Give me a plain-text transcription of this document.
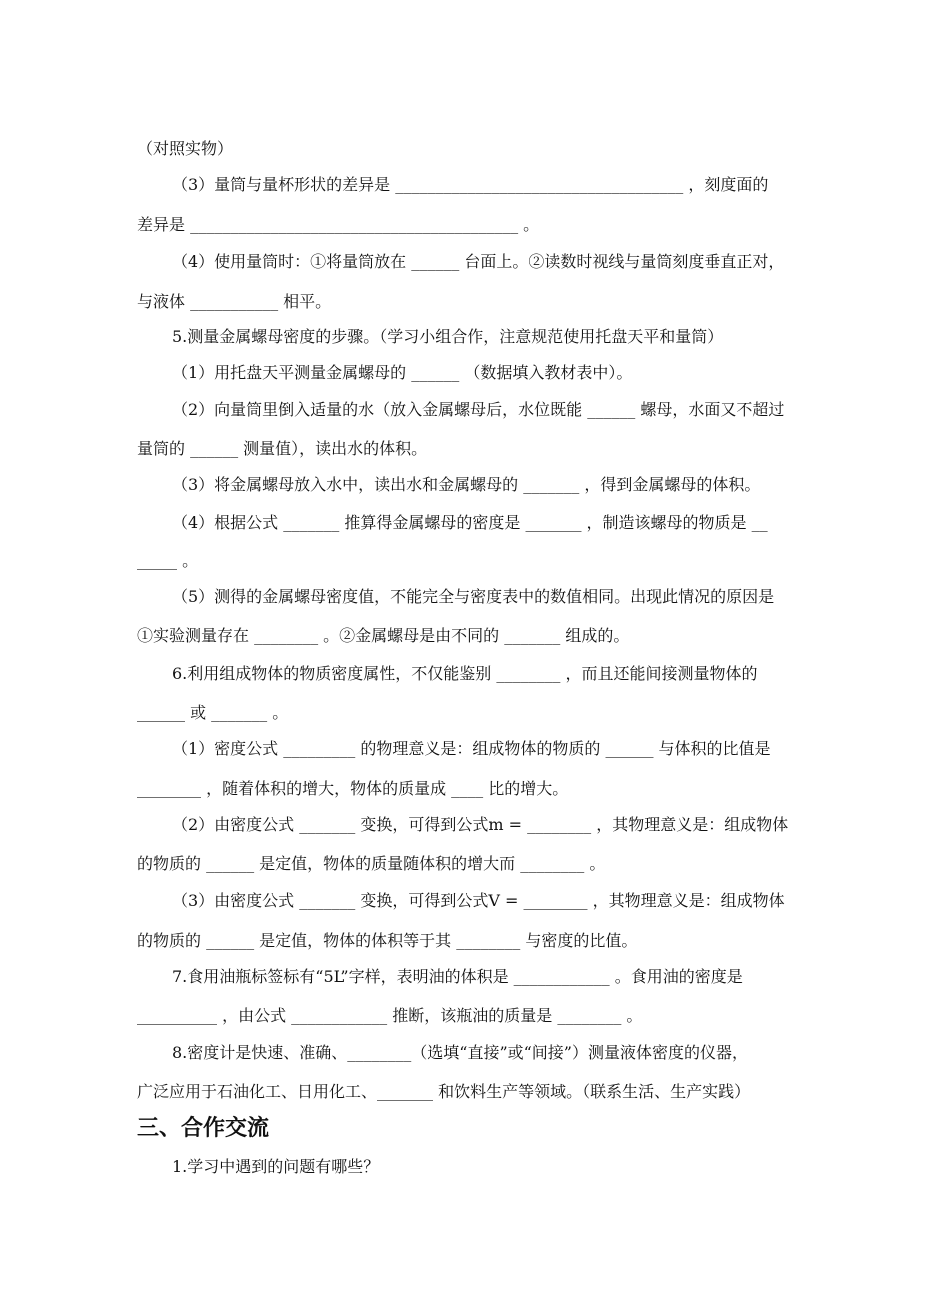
（对照实物）
（3）量筒与量杯形状的差异是 ____________________________________ ，刻度面的
差异是 _________________________________________ 。
（4）使用量筒时：①将量筒放在 ______ 台面上。②读数时视线与量筒刻度垂直正对，
与液体 ___________ 相平。
5.测量金属螺母密度的步骤。（学习小组合作，注意规范使用托盘天平和量筒）
（1）用托盘天平测量金属螺母的 ______ （数据填入教材表中）。
（2）向量筒里倒入适量的水（放入金属螺母后，水位既能 ______ 螺母，水面又不超过
量筒的 ______ 测量值），读出水的体积。
（3）将金属螺母放入水中，读出水和金属螺母的 _______ ，得到金属螺母的体积。
（4）根据公式 _______ 推算得金属螺母的密度是 _______ ，制造该螺母的物质是 __
_____ 。
（5）测得的金属螺母密度值，不能完全与密度表中的数值相同。出现此情况的原因是
①实验测量存在 ________ 。②金属螺母是由不同的 _______ 组成的。
6.利用组成物体的物质密度属性，不仅能鉴别 ________ ，而且还能间接测量物体的
______ 或 _______ 。
（1）密度公式 _________ 的物理意义是：组成物体的物质的 ______ 与体积的比值是
________ ，随着体积的增大，物体的质量成 ____ 比的增大。
（2）由密度公式 _______ 变换，可得到公式m = ________ ，其物理意义是：组成物体
的物质的 ______ 是定值，物体的质量随体积的增大而 ________ 。
（3）由密度公式 _______ 变换，可得到公式V = ________ ，其物理意义是：组成物体
的物质的 ______ 是定值，物体的体积等于其 ________ 与密度的比值。
7.食用油瓶标签标有“5L”字样，表明油的体积是 ____________ 。食用油的密度是
__________ ，由公式 ____________ 推断，该瓶油的质量是 ________ 。
8.密度计是快速、准确、________（选填“直接”或“间接”）测量液体密度的仪器，
广泛应用于石油化工、日用化工、_______ 和饮料生产等领域。（联系生活、生产实践）
三、合作交流
1.学习中遇到的问题有哪些？
